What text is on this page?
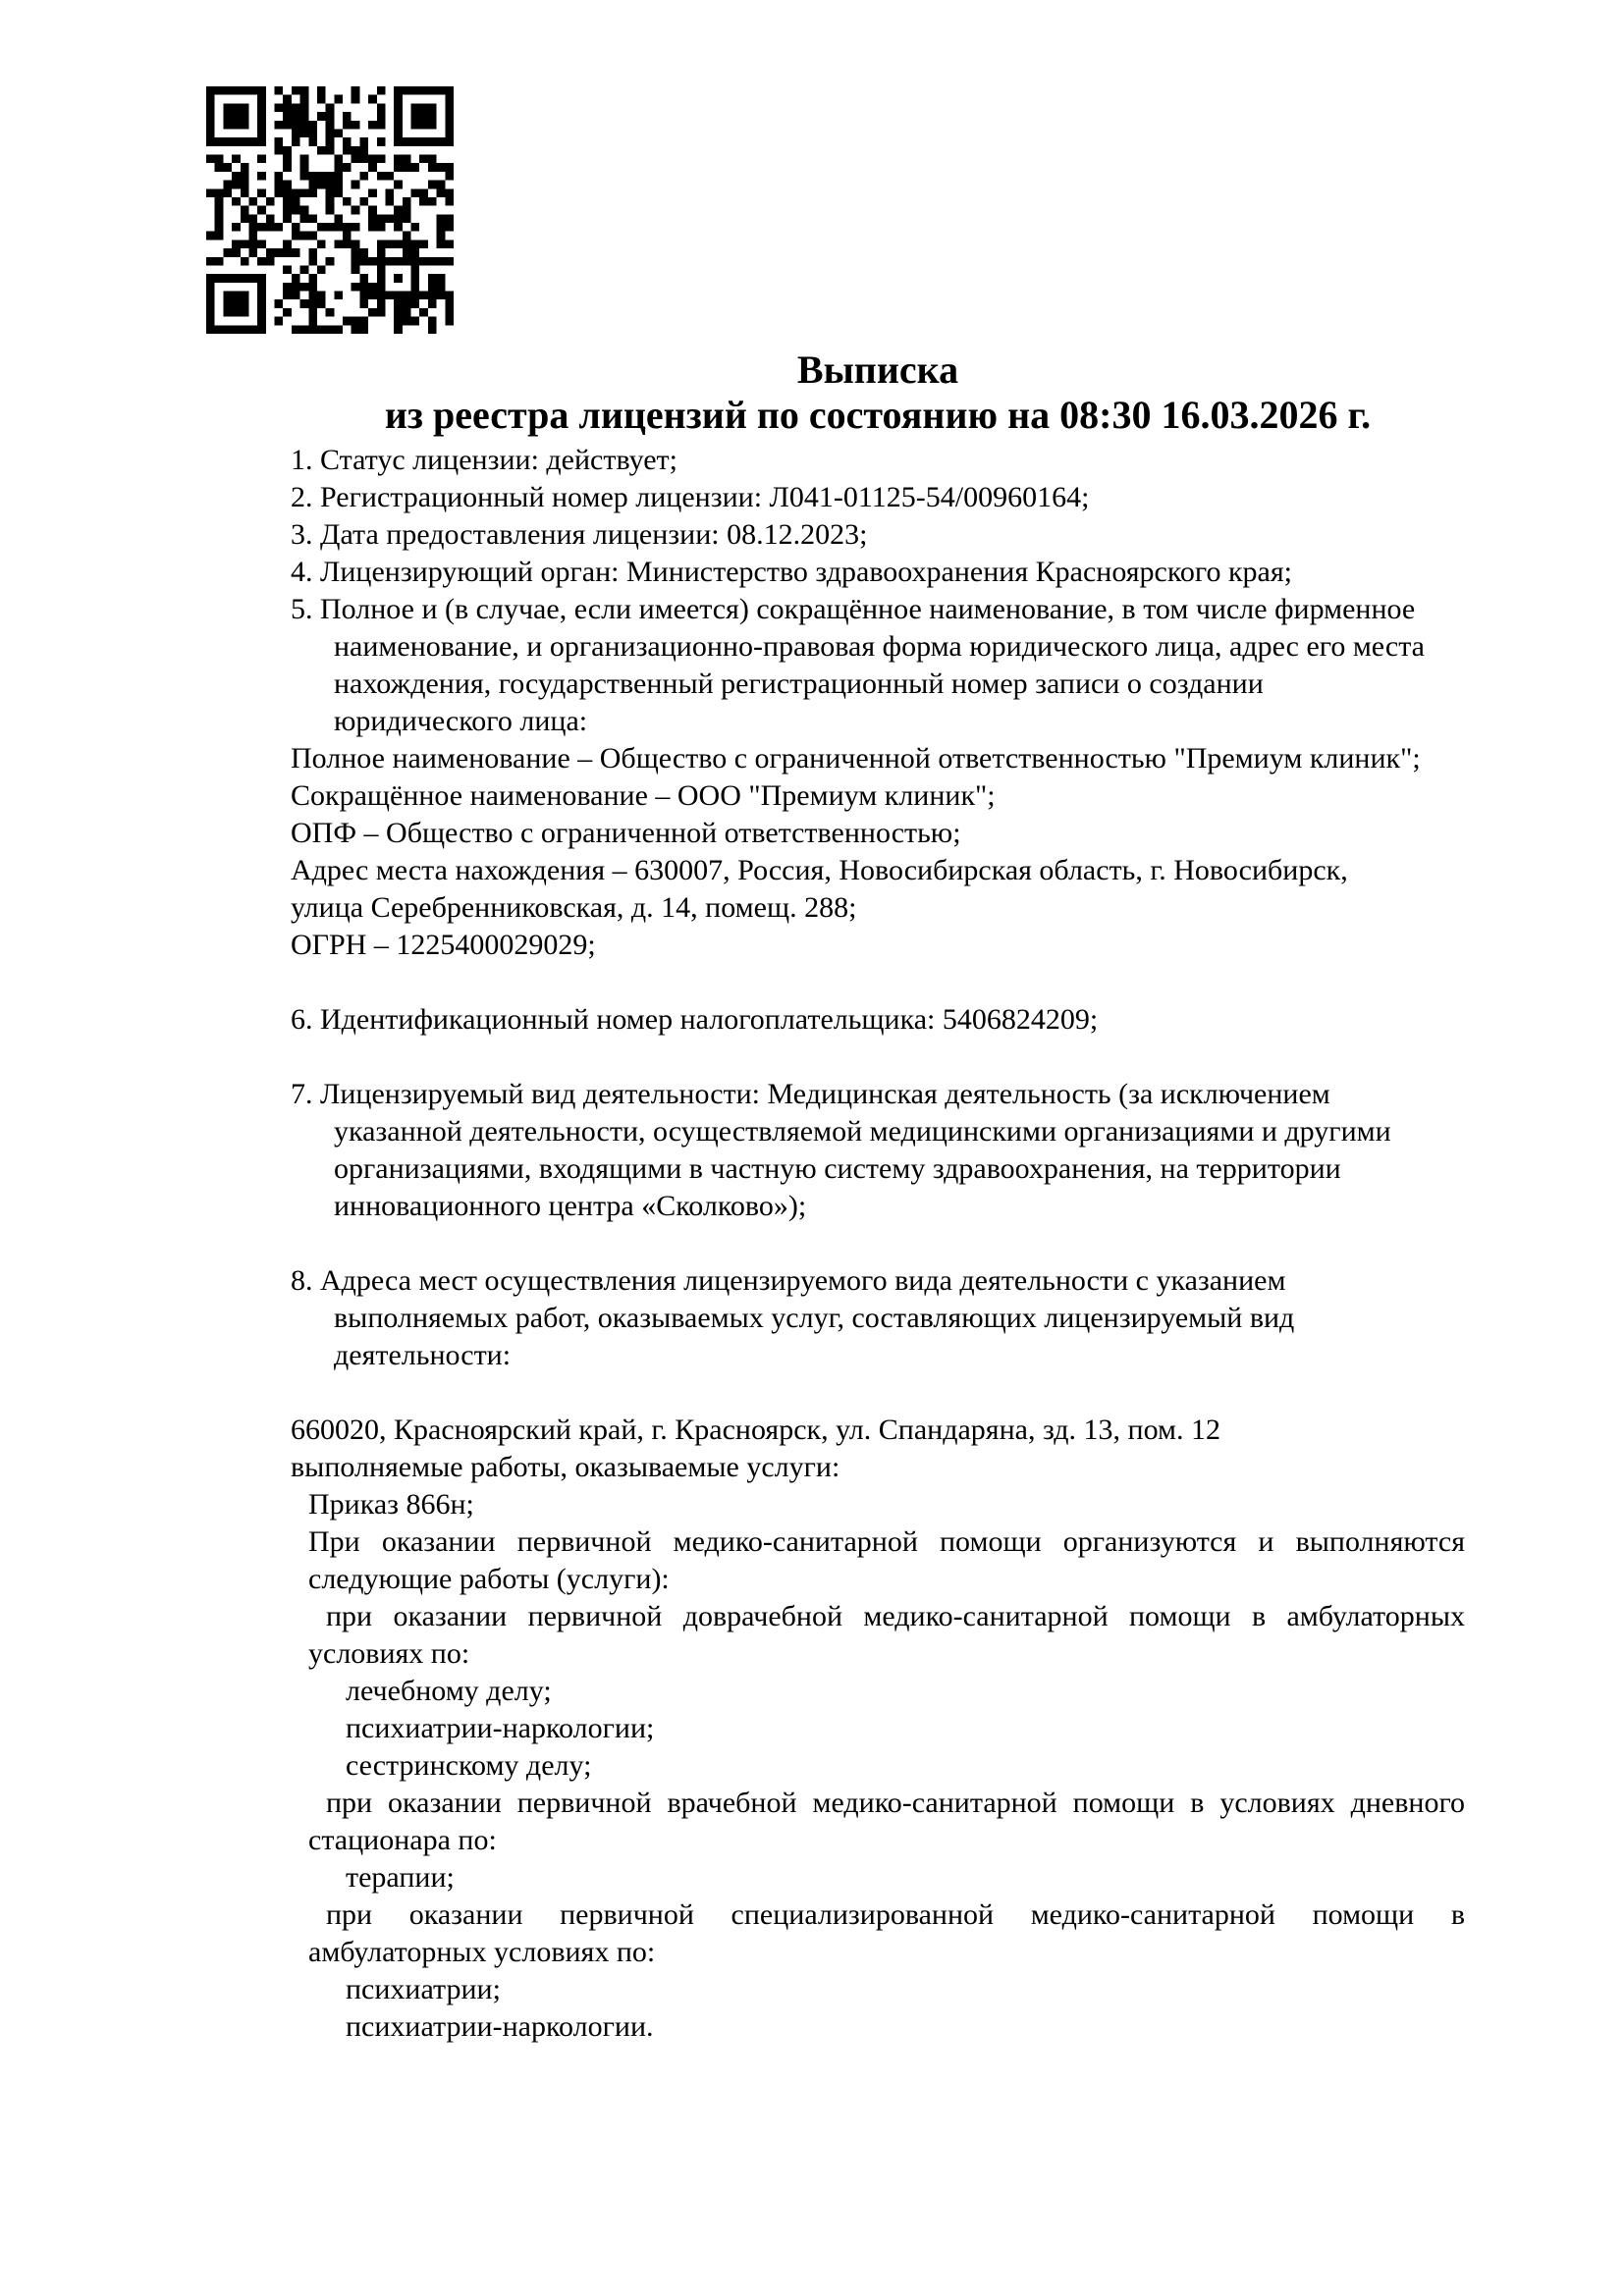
Выписка
из реестра лицензий по состоянию на 08:30 16.03.2026 г.
1. Статус лицензии: действует;
2. Регистрационный номер лицензии: Л041-01125-54/00960164;
3. Дата предоставления лицензии: 08.12.2023;
4. Лицензирующий орган: Министерство здравоохранения Красноярского края;
5. Полное и (в случае, если имеется) сокращённое наименование, в том числе фирменное
наименование, и организационно-правовая форма юридического лица, адрес его места
нахождения, государственный регистрационный номер записи о создании
юридического лица:
Полное наименование – Общество с ограниченной ответственностью "Премиум клиник";
Сокращённое наименование – ООО "Премиум клиник";
ОПФ – Общество с ограниченной ответственностью;
Адрес места нахождения – 630007, Россия, Новосибирская область, г. Новосибирск,
улица Серебренниковская, д. 14, помещ. 288;
ОГРН – 1225400029029;
6. Идентификационный номер налогоплательщика: 5406824209;
7. Лицензируемый вид деятельности: Медицинская деятельность (за исключением
указанной деятельности, осуществляемой медицинскими организациями и другими
организациями, входящими в частную систему здравоохранения, на территории
инновационного центра «Сколково»);
8. Адреса мест осуществления лицензируемого вида деятельности с указанием
выполняемых работ, оказываемых услуг, составляющих лицензируемый вид
деятельности:
660020, Красноярский край, г. Красноярск, ул. Спандаряна, зд. 13, пом. 12
выполняемые работы, оказываемые услуги:
Приказ 866н;
При оказании первичной медико-санитарной помощи организуются и выполняются
следующие работы (услуги):
при оказании первичной доврачебной медико-санитарной помощи в амбулаторных
условиях по:
лечебному делу;
психиатрии-наркологии;
сестринскому делу;
при оказании первичной врачебной медико-санитарной помощи в условиях дневного
стационара по:
терапии;
при оказании первичной специализированной медико-санитарной помощи в
амбулаторных условиях по:
психиатрии;
психиатрии-наркологии.
